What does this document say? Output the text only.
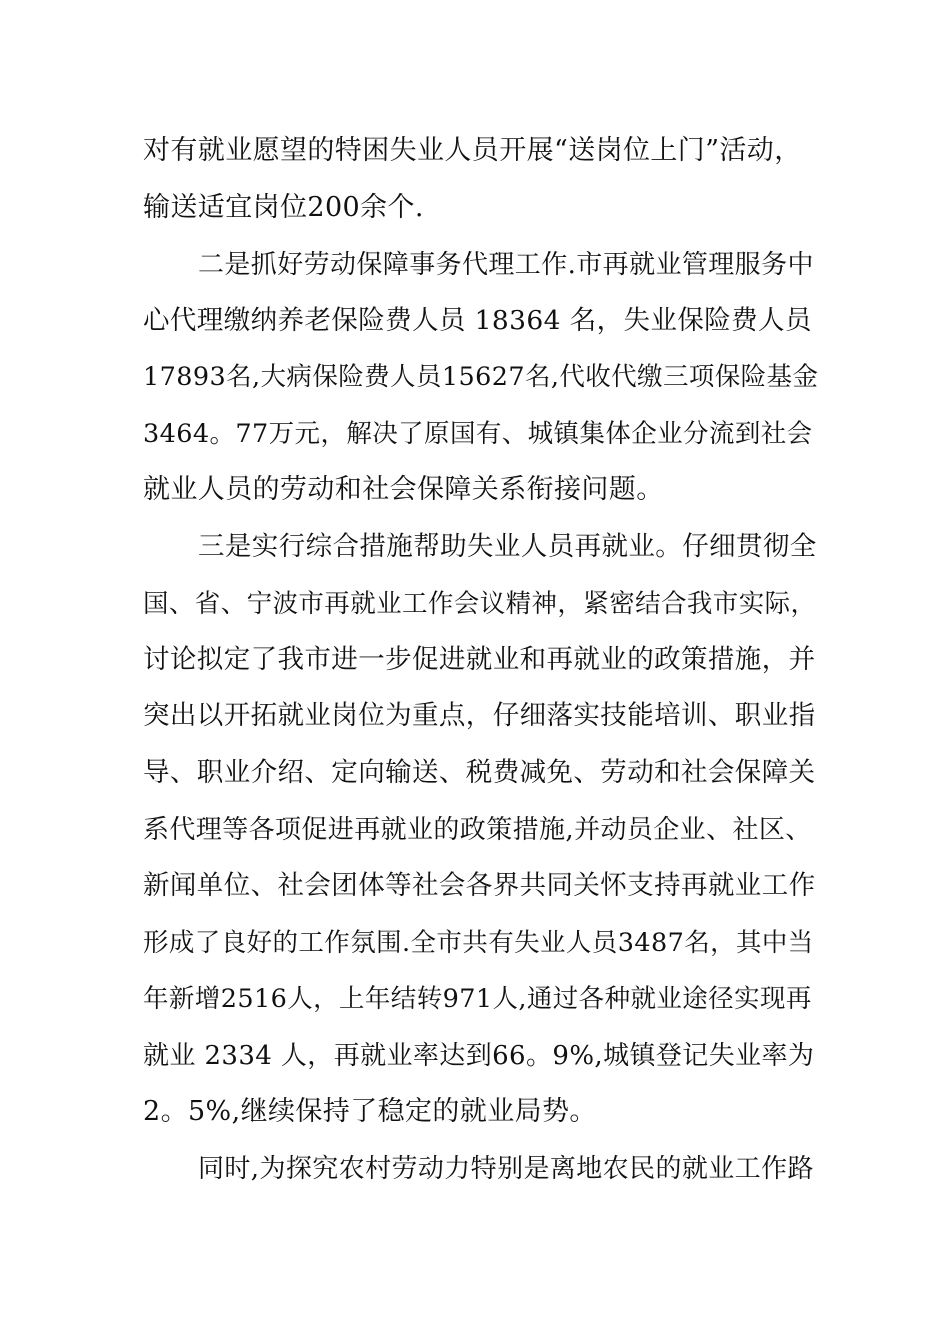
对有就业愿望的特困失业人员开展“送岗位上门”活动，
输送适宜岗位200余个.
二是抓好劳动保障事务代理工作.市再就业管理服务中
心代理缴纳养老保险费人员 18364 名，失业保险费人员
17893名,大病保险费人员15627名,代收代缴三项保险基金
3464。77万元，解决了原国有、城镇集体企业分流到社会
就业人员的劳动和社会保障关系衔接问题。
三是实行综合措施帮助失业人员再就业。仔细贯彻全
国、省、宁波市再就业工作会议精神，紧密结合我市实际，
讨论拟定了我市进一步促进就业和再就业的政策措施，并
突出以开拓就业岗位为重点，仔细落实技能培训、职业指
导、职业介绍、定向输送、税费减免、劳动和社会保障关
系代理等各项促进再就业的政策措施,并动员企业、社区、
新闻单位、社会团体等社会各界共同关怀支持再就业工作
形成了良好的工作氛围.全市共有失业人员3487名，其中当
年新增2516人，上年结转971人,通过各种就业途径实现再
就业 2334 人，再就业率达到66。9%,城镇登记失业率为
2。5%,继续保持了稳定的就业局势。
同时,为探究农村劳动力特别是离地农民的就业工作路
